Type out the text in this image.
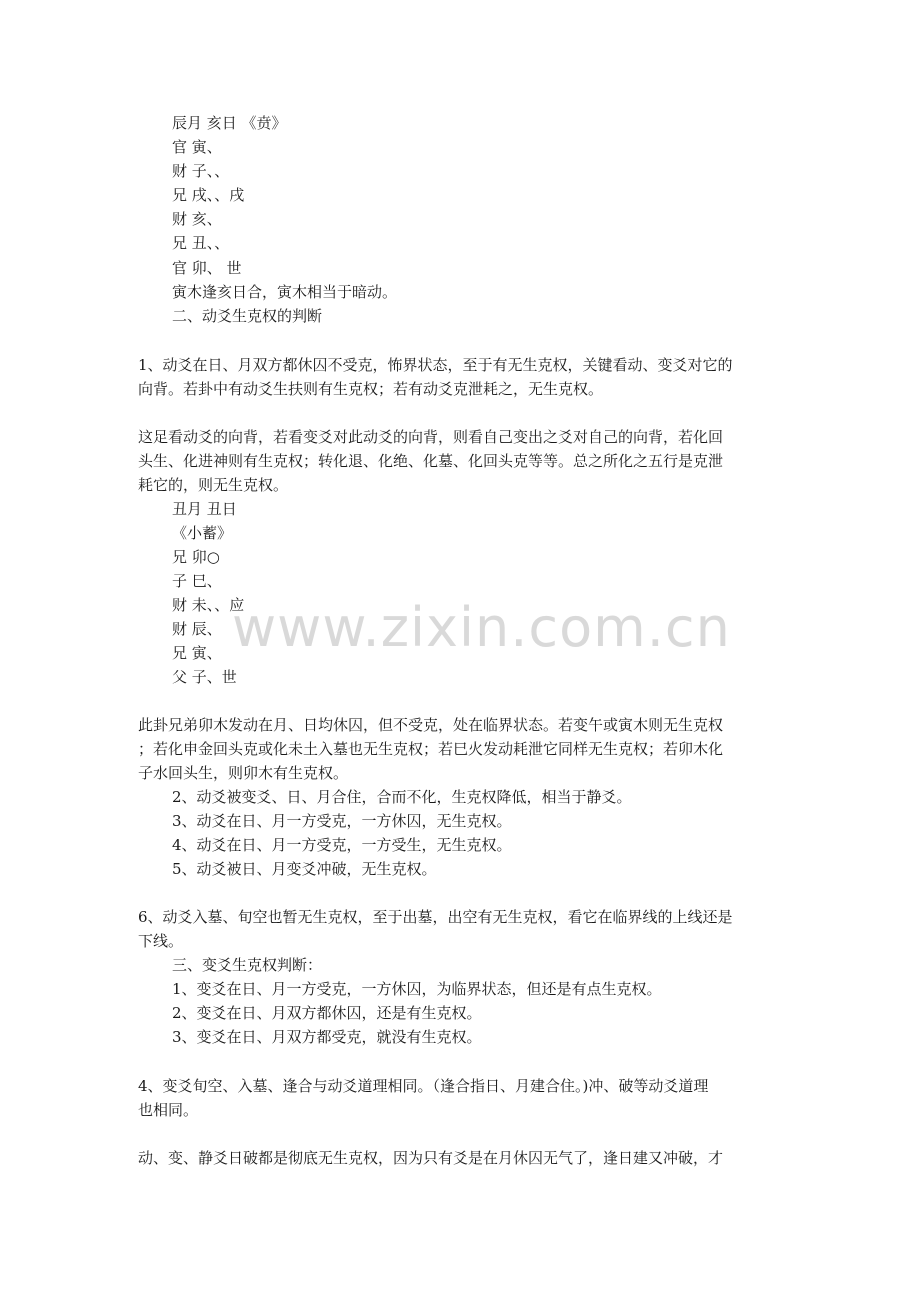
辰月 亥日 《贲》
官 寅、
财 子、、
兄 戌、、戌
财 亥、
兄 丑、、
官 卯、 世
寅木逢亥日合，寅木相当于暗动。
二、动爻生克权的判断
1、动爻在日、月双方都休囚不受克，怖界状态，至于有无生克权，关键看动、变爻对它的
向背。若卦中有动爻生扶则有生克权；若有动爻克泄耗之，无生克权。
这足看动爻的向背，若看变爻对此动爻的向背，则看自己变出之爻对自己的向背，若化回
头生、化进神则有生克权；转化退、化绝、化墓、化回头克等等。总之所化之五行是克泄
耗它的，则无生克权。
丑月 丑日
《小蓄》
兄 卯○
子 巳、
财 未、、应
财 辰、
兄 寅、
父 子、世
此卦兄弟卯木发动在月、日均休囚，但不受克，处在临界状态。若变午或寅木则无生克权
；若化申金回头克或化未土入墓也无生克权；若巳火发动耗泄它同样无生克权；若卯木化
子水回头生，则卯木有生克权。
2、动爻被变爻、日、月合住，合而不化，生克权降低，相当于静爻。
3、动爻在日、月一方受克，一方休囚，无生克权。
4、动爻在日、月一方受克，一方受生，无生克权。
5、动爻被日、月变爻冲破，无生克权。
6、动爻入墓、旬空也暂无生克权，至于出墓，出空有无生克权，看它在临界线的上线还是
下线。
三、变爻生克权判断：
1、变爻在日、月一方受克，一方休囚，为临界状态，但还是有点生克权。
2、变爻在日、月双方都休囚，还是有生克权。
3、变爻在日、月双方都受克，就没有生克权。
4、变爻旬空、入墓、逢合与动爻道理相同。（逢合指日、月建合住。)冲、破等动爻道理
也相同。
动、变、静爻日破都是彻底无生克权，因为只有爻是在月休囚无气了，逢日建又冲破，才
www.zixin.com.cn
